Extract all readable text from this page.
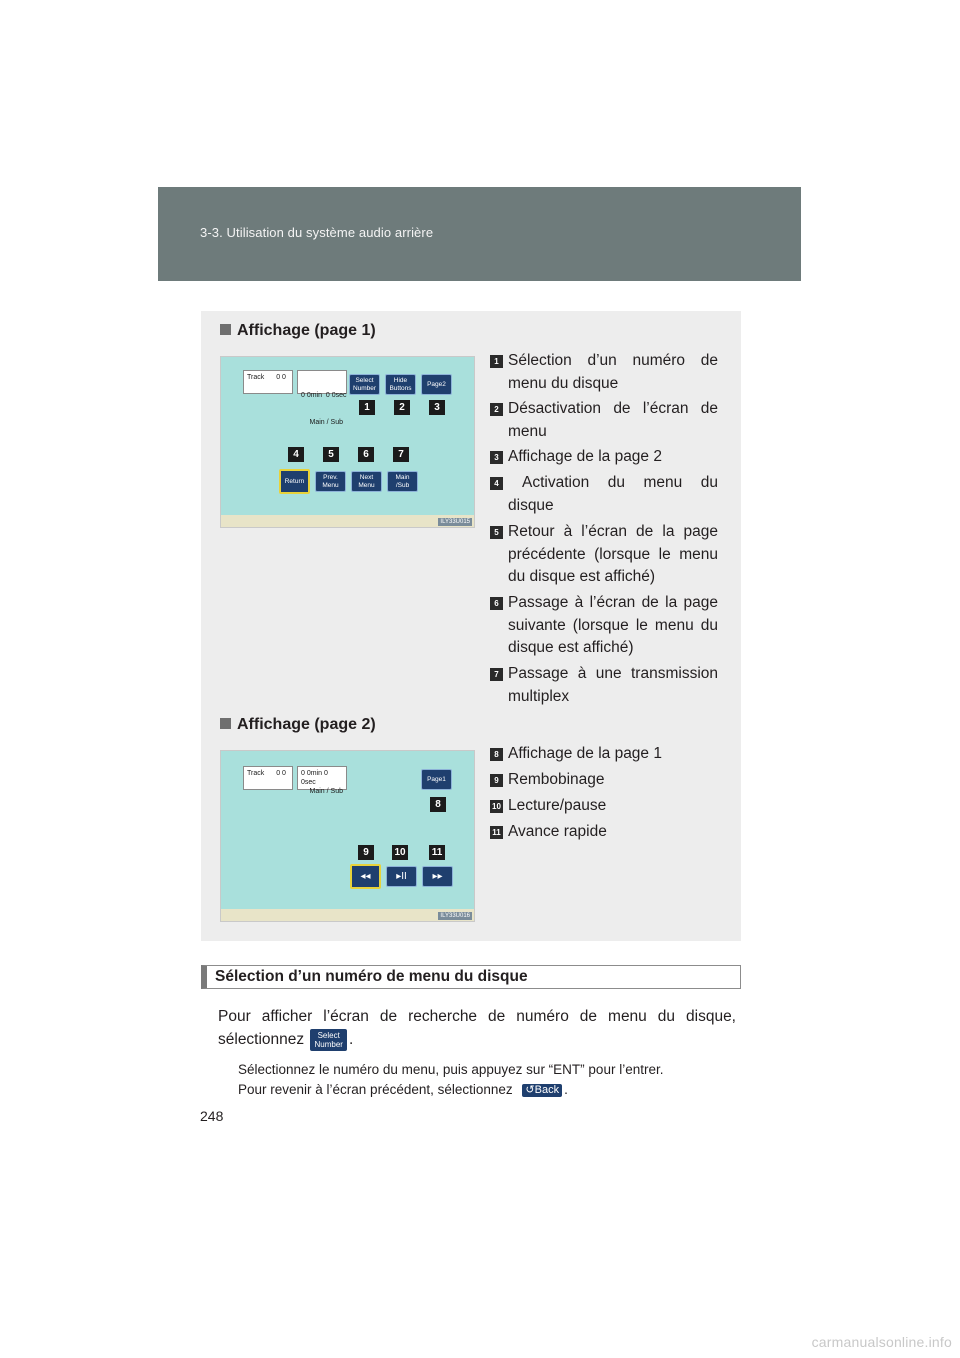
3-3. Utilisation du système audio arrière
Affichage (page 1)
Track 0 0

0 0min  0 0sec

Main / Sub

Select
Number
Hide
Buttons
Page2
1	2	3
4	5	6	7
Return
Prev.
Menu
Next
Menu
Main
/Sub
ILY33U015
Affichage (page 2)
Track 0 0	0 0min 0 0sec
Main / Sub
Page1
8
9	10	11
◂◂	▸II	▸▸
ILY33U016
1 Sélection d’un numéro de menu du disque
2 Désactivation de l’écran de menu
3 Affichage de la page 2
4	Activation du menu du disque
5 Retour à l’écran de la page précédente (lorsque le menu du disque est affiché)
6 Passage à l’écran de la page suivante (lorsque le menu du disque est affiché)
7 Passage à une transmission multiplex
8 Affichage de la page 1
9 Rembobinage
10 Lecture/pause
11 Avance rapide
Sélection d’un numéro de menu du disque
Pour afficher l’écran de recherche de numéro de menu du disque, sélectionnez Select
Number .
Sélectionnez le numéro du menu, puis appuyez sur “ENT” pour l’entrer.
Pour revenir à l’écran précédent, sélectionnez ↺Back .
248
carmanualsonline.info
